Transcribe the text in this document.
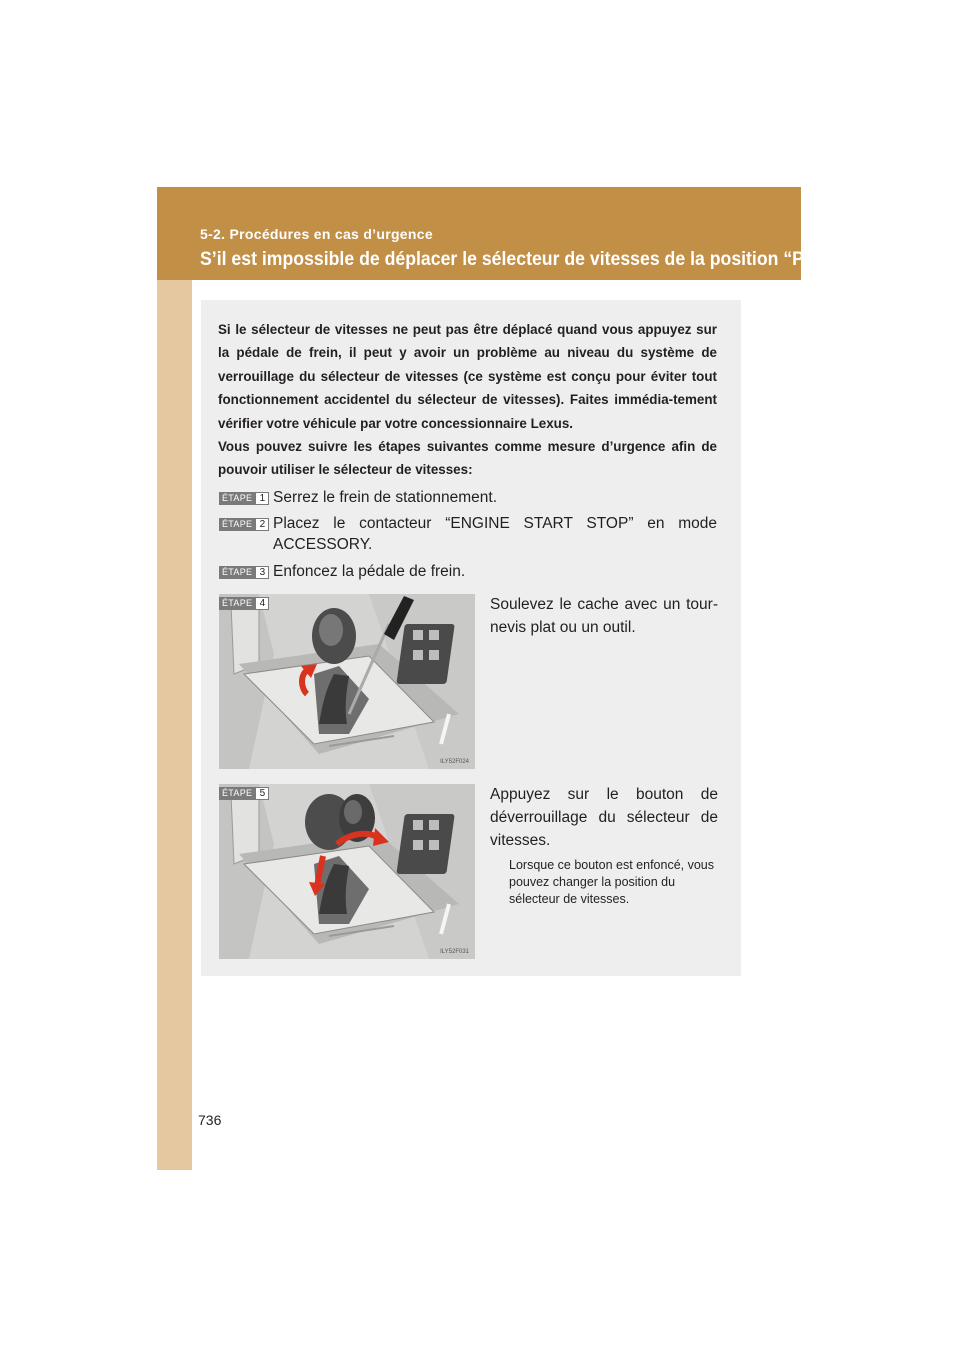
5-2. Procédures en cas d’urgence
S’il est impossible de déplacer le sélecteur de vitesses de la position “P”.

Si le sélecteur de vitesses ne peut pas être déplacé quand vous appuyez sur la pédale de frein, il peut y avoir un problème au niveau du système de verrouillage du sélecteur de vitesses (ce système est conçu pour éviter tout fonctionnement accidentel du sélecteur de vitesses). Faites immédia-tement vérifier votre véhicule par votre concessionnaire Lexus.

Vous pouvez suivre les étapes suivantes comme mesure d’urgence afin de pouvoir utiliser le sélecteur de vitesses:

ÉTAPE 1 Serrez le frein de stationnement.
ÉTAPE 2 Placez le contacteur “ENGINE START STOP” en mode ACCESSORY.
ÉTAPE 3 Enfoncez la pédale de frein.
ILY52F024
ÉTAPE 4	Soulevez le cache avec un tour-nevis plat ou un outil.
ILY52F031
ÉTAPE 5	Appuyez sur le bouton de déverrouillage du sélecteur de vitesses.
Lorsque ce bouton est enfoncé, vous pouvez changer la position du sélecteur de vitesses.
736
